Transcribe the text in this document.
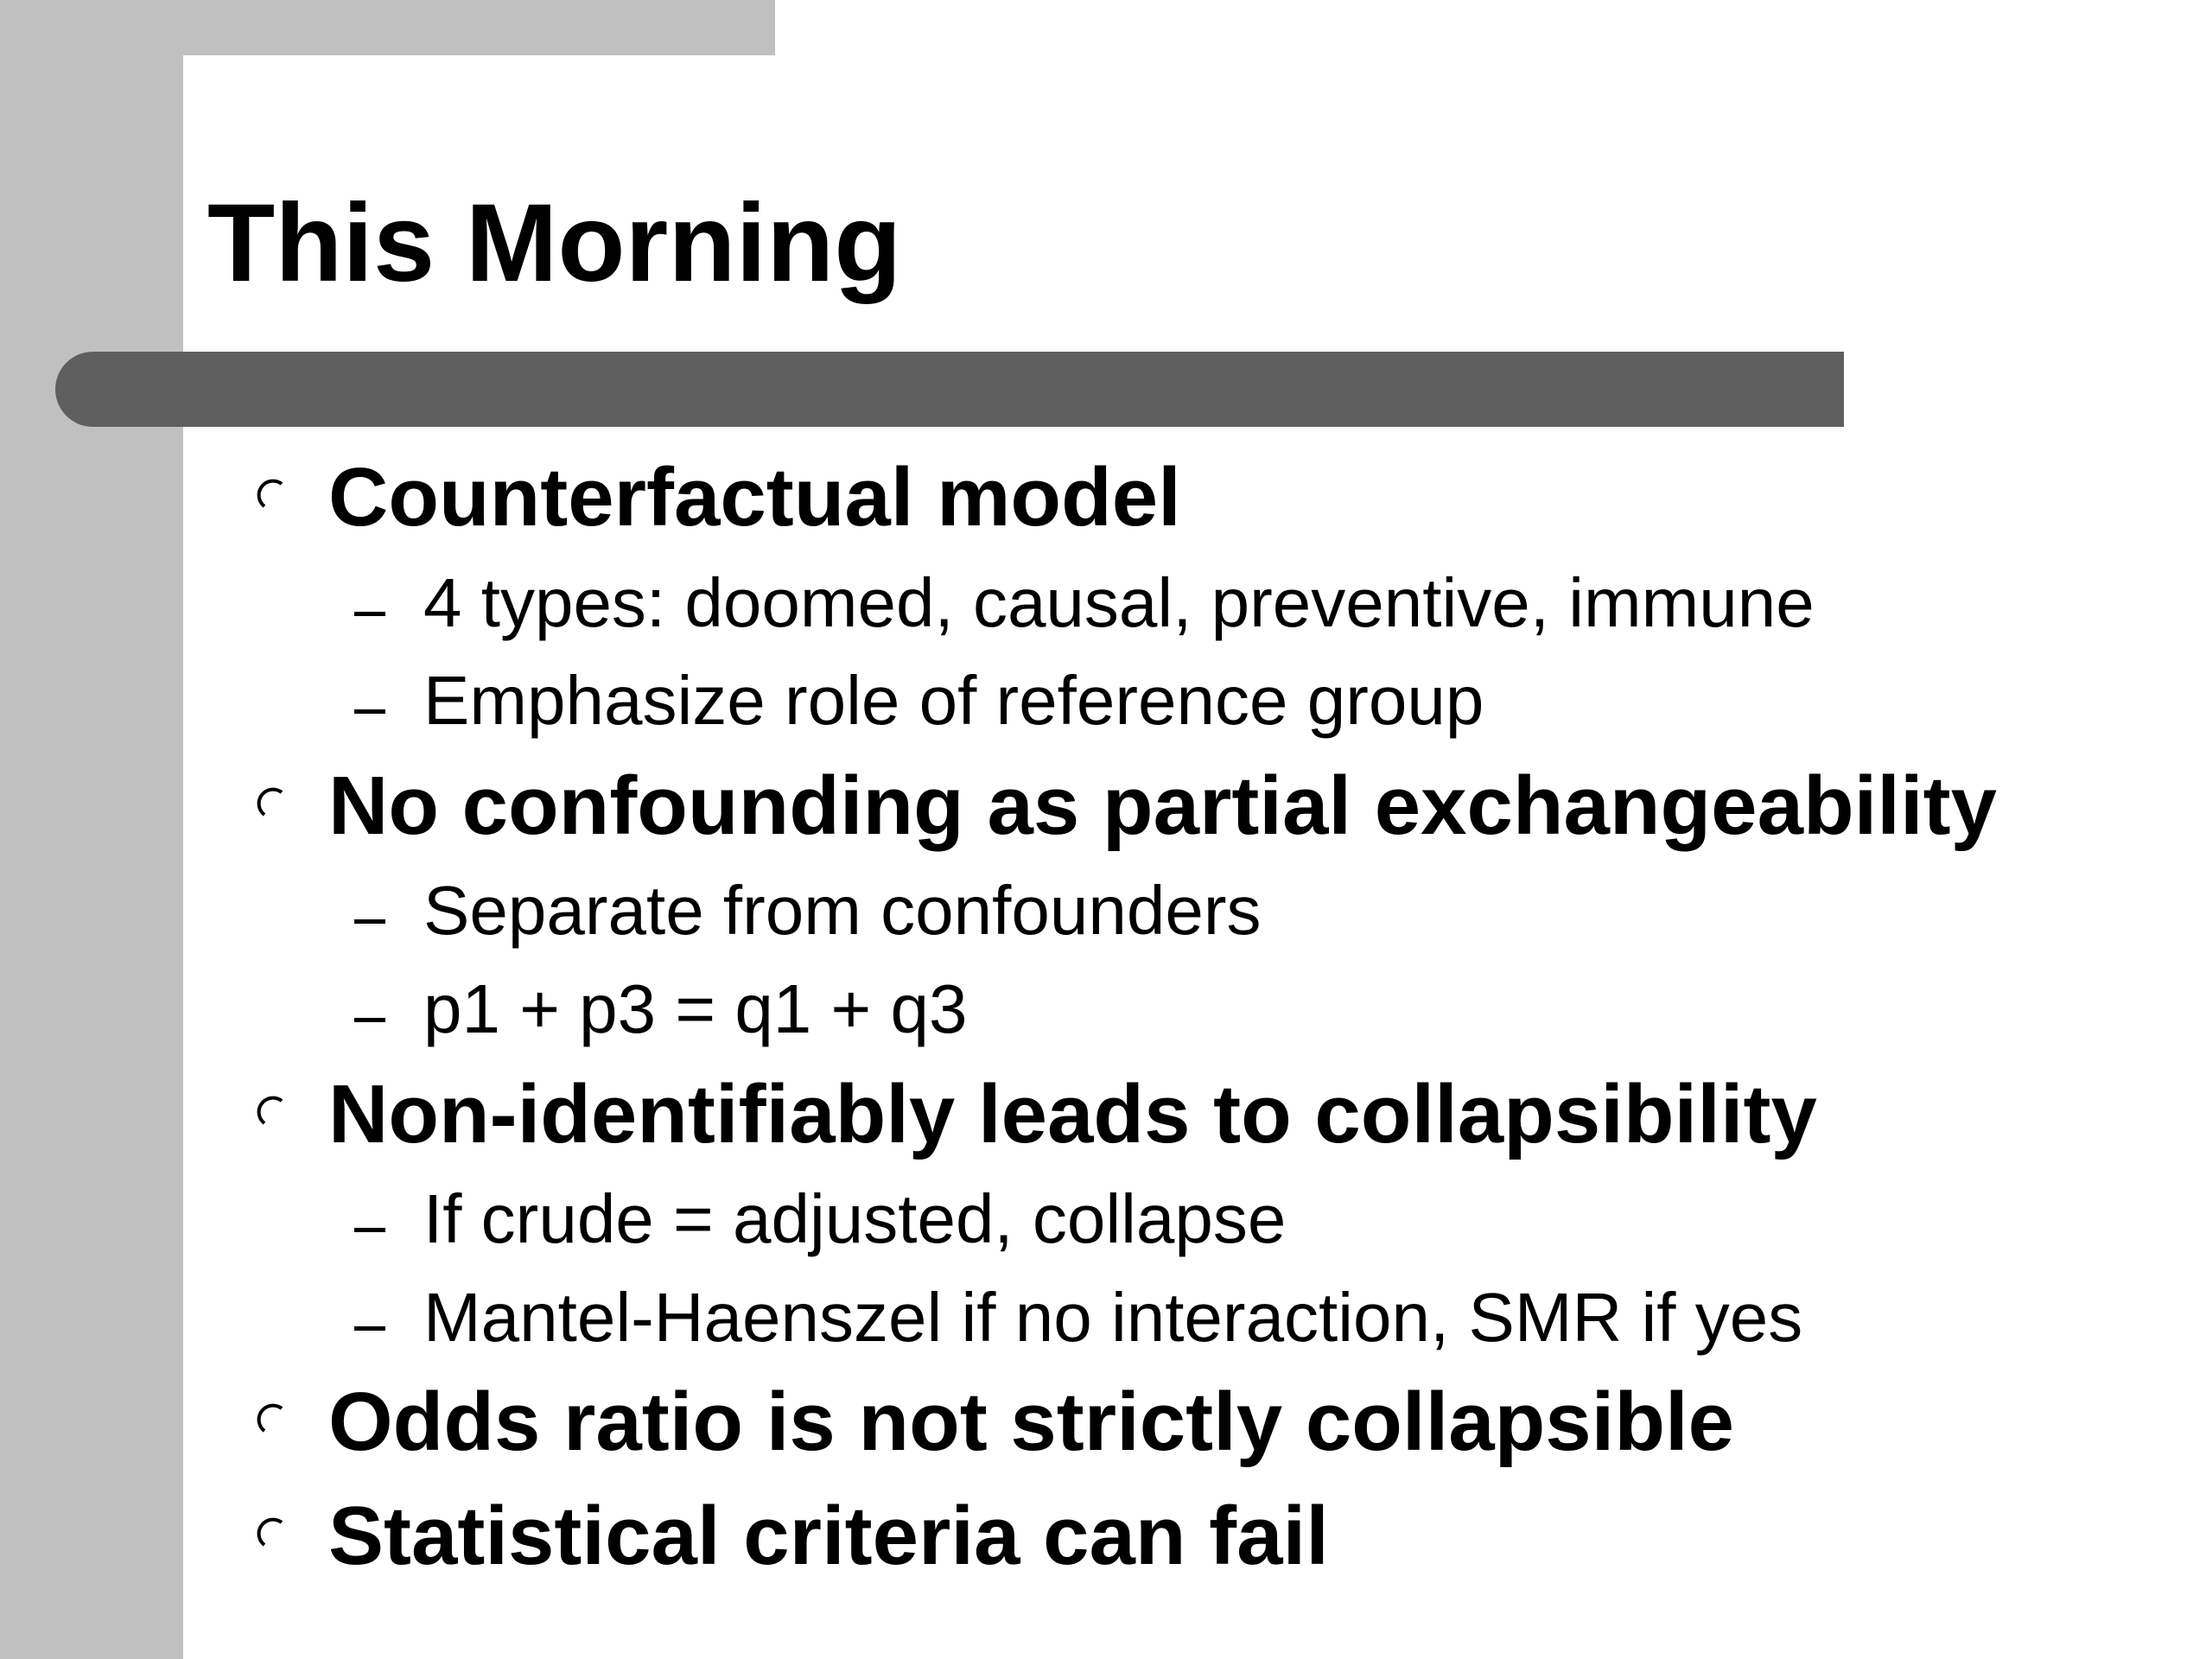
This Morning
Counterfactual model
4 types: doomed, causal, preventive, immune
Emphasize role of reference group
No confounding as partial exchangeability
Separate from confounders
p1 + p3 = q1 + q3
Non-identifiably leads to collapsibility
If crude = adjusted, collapse
Mantel-Haenszel if no interaction, SMR if yes
Odds ratio is not strictly collapsible
Statistical criteria can fail
